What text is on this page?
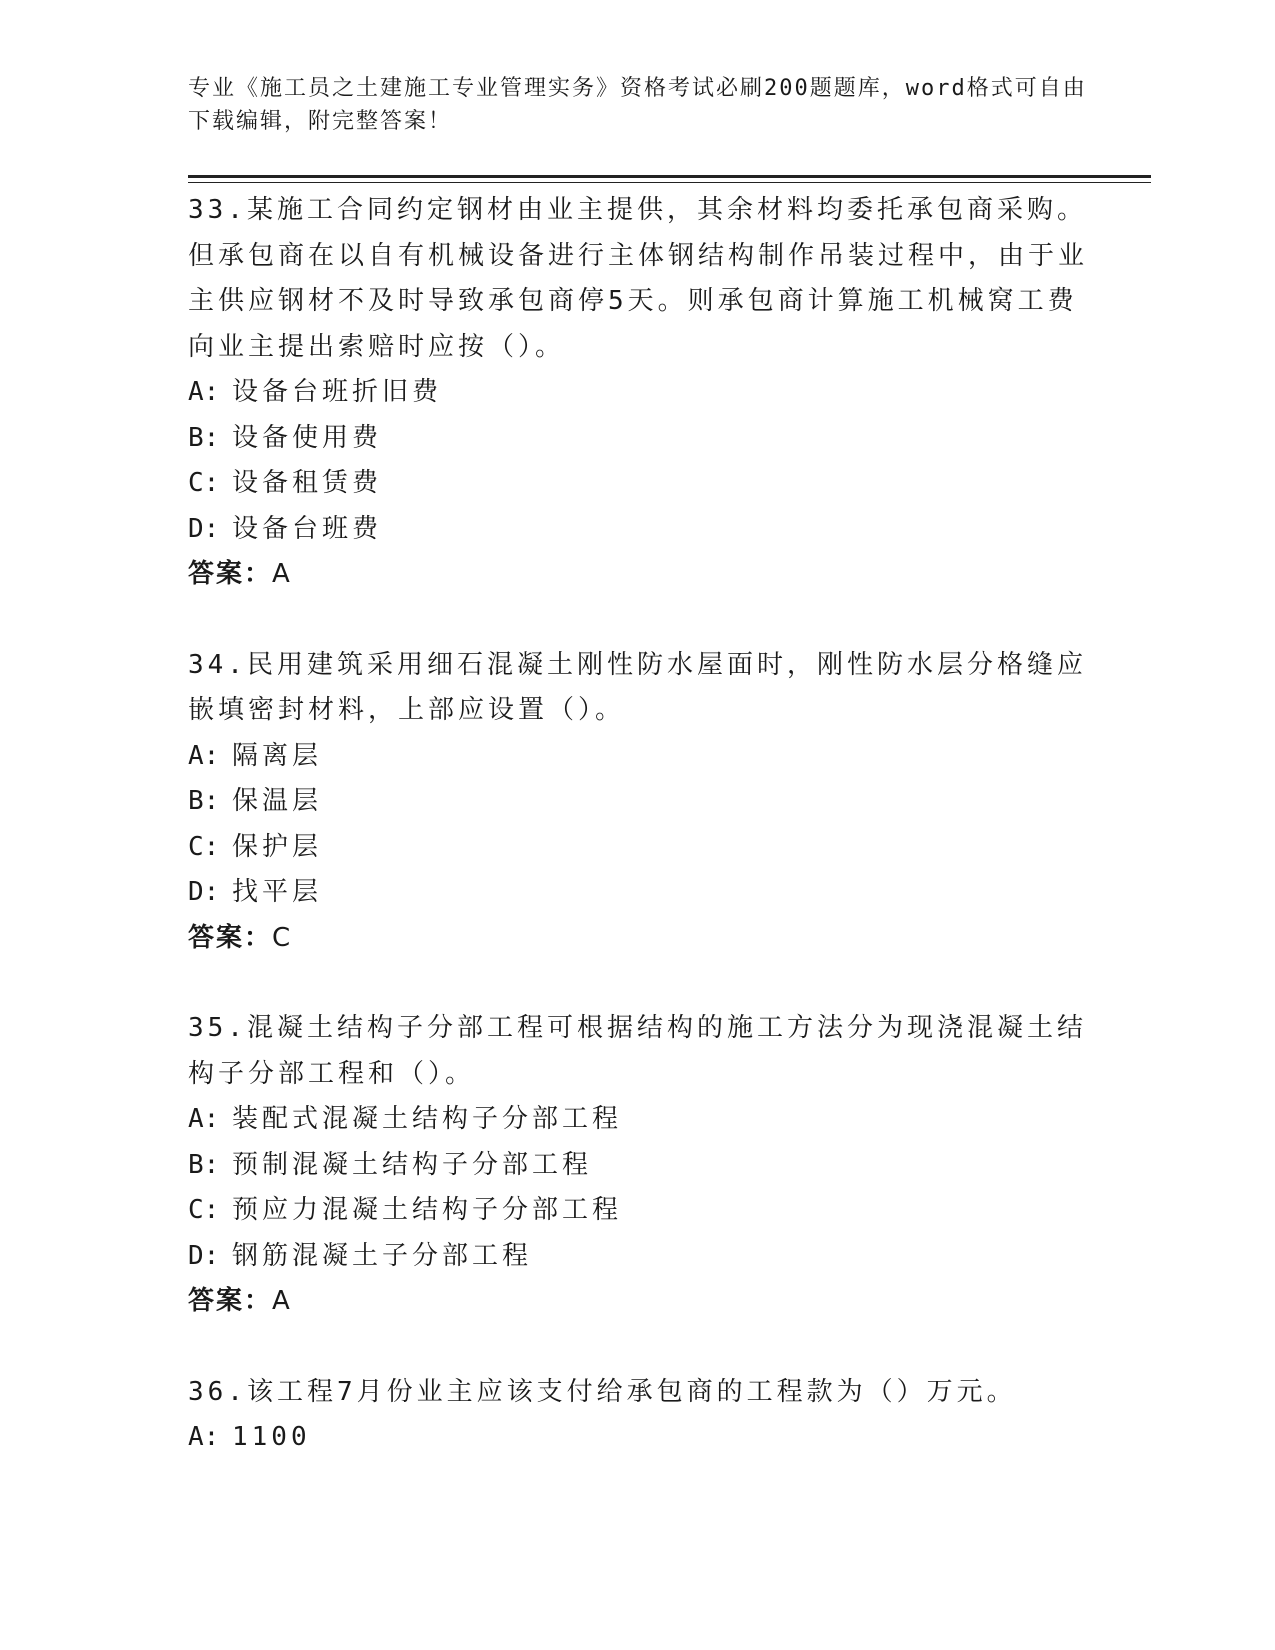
专业《施工员之土建施工专业管理实务》资格考试必刷200题题库，word格式可自由下载编辑，附完整答案！

33.某施工合同约定钢材由业主提供，其余材料均委托承包商采购。但承包商在以自有机械设备进行主体钢结构制作吊装过程中，由于业主供应钢材不及时导致承包商停5天。则承包商计算施工机械窝工费向业主提出索赔时应按（）。

A: 设备台班折旧费

B: 设备使用费

C: 设备租赁费

D: 设备台班费

答案：A

34.民用建筑采用细石混凝土刚性防水屋面时，刚性防水层分格缝应嵌填密封材料，上部应设置（）。

A: 隔离层

B: 保温层

C: 保护层

D: 找平层

答案：C

35.混凝土结构子分部工程可根据结构的施工方法分为现浇混凝土结构子分部工程和（）。

A: 装配式混凝土结构子分部工程

B: 预制混凝土结构子分部工程

C: 预应力混凝土结构子分部工程

D: 钢筋混凝土子分部工程

答案：A

36.该工程7月份业主应该支付给承包商的工程款为（）万元。

A: 1100
